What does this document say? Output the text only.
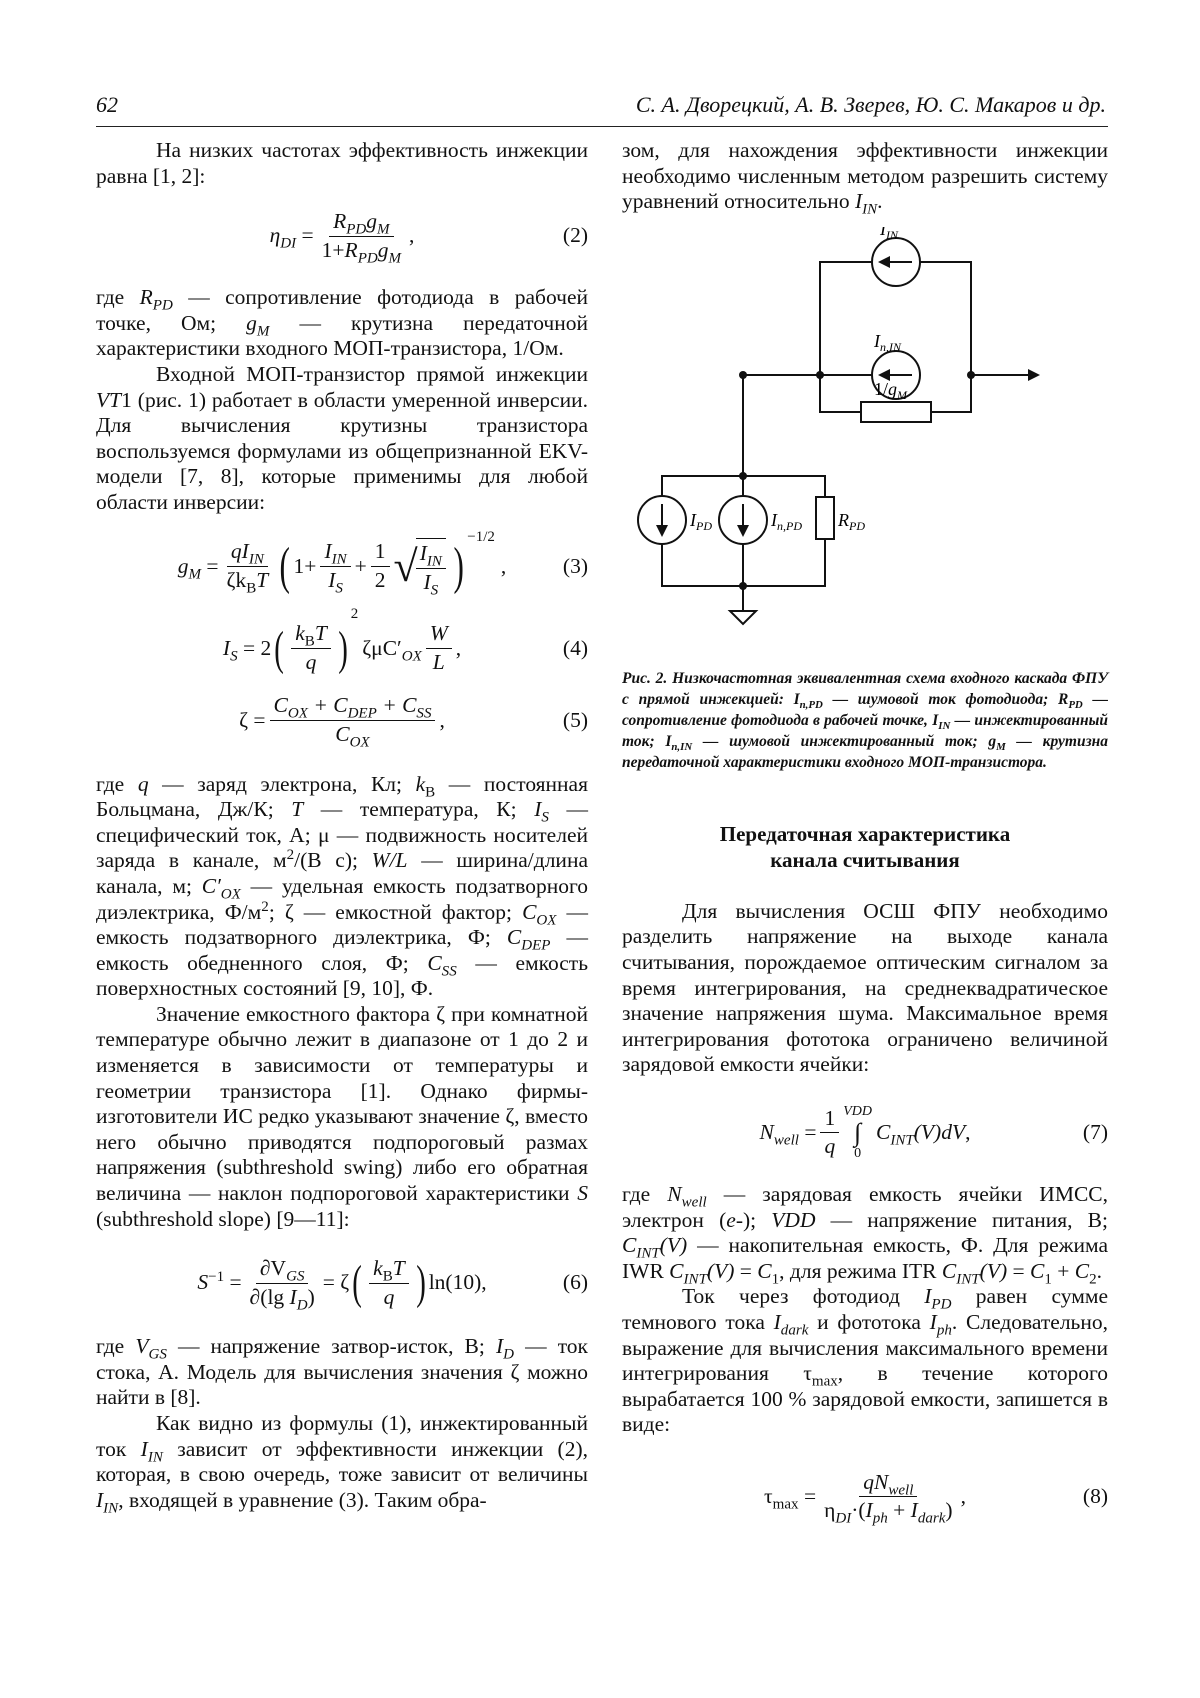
62	С. А. Дворецкий, А. В. Зверев, Ю. С. Макаров и др.

На низких частотах эффективность инжекции равна [1, 2]:

$\eta_{DI} = \frac{R_{PD}g_M}{1+R_{PD}g_M}$ ,	(2)

где $R_{PD}$ — сопротивление фотодиода в рабочей точке, Ом; $g_M$ — крутизна передаточной характеристики входного МОП-транзистора, 1/Ом.

Входной МОП-транзистор прямой инжекции VT1 (рис. 1) работает в области умеренной инверсии. Для вычисления крутизны транзистора воспользуемся формулами из общепризнанной EKV-модели [7, 8], которые применимы для любой области инверсии:

$g_M = \frac{qI_{IN}}{\zeta k_BT}$ ( $1+ \frac{I_{IN}}{I_S} + \frac{1}{2}$ √
$\frac{I_{IN}}{I_S}$ )
$^{-1/2}$
,	(3)
$I_S = 2$ ( $\frac{k_BT}{q}$ )
2
$\zeta\mu C'_{OX} \frac{W}{L}$ ,	(4)
$\zeta = \frac{C_{OX} + C_{DEP} + C_{SS}}{C_{OX}}$ ,	(5)

где q — заряд электрона, Кл; $k_B$ — постоянная Больцмана, Дж/К; T — температура, К; $I_S$ — специфический ток, А; μ — подвижность носителей заряда в канале, $м^2/(В$ с); W/L — ширина/длина канала, м; $C'_{OX}$ — удельная емкость подзатворного диэлектрика, $Ф/м^2$; ζ — емкостной фактор; $C_{OX}$ — емкость подзатворного диэлектрика, Ф; $C_{DEP}$ — емкость обедненного слоя, Ф; $C_{SS}$ — емкость поверхностных состояний [9, 10], Ф.

Значение емкостного фактора ζ при комнатной температуре обычно лежит в диапазоне от 1 до 2 и изменяется в зависимости от температуры и геометрии транзистора [1]. Однако фирмы-изготовители ИС редко указывают значение ζ, вместо него обычно приводятся подпороговый размах напряжения (subthreshold swing) либо его обратная величина — наклон подпороговой характеристики S (subthreshold slope) [9—11]:

$S^{-1} = \frac{\partial V_{GS}}{\partial(\lg I_D)} = \zeta$ ( $\frac{k_BT}{q}$ ) ln(10) ,	(6)

где $V_{GS}$ — напряжение затвор-исток, В; $I_D$ — ток стока, А. Модель для вычисления значения ζ можно найти в [8].

Как видно из формулы (1), инжектированный ток $I_{IN}$ зависит от эффективности инжекции (2), которая, в свою очередь, тоже зависит от величины $I_{IN}$, входящей в уравнение (3). Таким обра-

зом, для нахождения эффективности инжекции необходимо численным методом разрешить систему уравнений относительно $I_{IN}$.

$I_{IN}$
$I_{n,IN}$
$1/g_M$
$I_{PD}$	$I_{n,PD}$ $R_{PD}$

Рис. 2. Низкочастотная эквивалентная схема входного каскада ФПУ с прямой инжекцией: $I_{n,PD}$ — шумовой ток фотодиода; $R_{PD}$ — сопротивление фотодиода в рабочей точке, $I_{IN}$ — инжектированный ток; $I_{n,IN}$ — шумовой инжектированный ток; $g_M$ — крутизна передаточной характеристики входного МОП-транзистора.

Передаточная характеристика
канала считывания

Для вычисления ОСШ ФПУ необходимо разделить напряжение на выходе канала считывания, порождаемое оптическим сигналом за время интегрирования, на среднеквадратическое значение напряжения шума. Максимальное время интегрирования фототока ограничено величиной зарядовой емкости ячейки:

$N_{well} = \frac{1}{q}$ VDD
∫
0
$C_{INT}(V)dV$ ,	(7)

где $N_{well}$ — зарядовая емкость ячейки ИМСС, электрон (e-); VDD — напряжение питания, В; $C_{INT}(V)$ — накопительная емкость, Ф. Для режима IWR $C_{INT}(V) = C_1$, для режима ITR $C_{INT}(V) = C_1 + C_2$.

Ток через фотодиод $I_{PD}$ равен сумме темнового тока $I_{dark}$ и фототока $I_{ph}$. Следовательно, выражение для вычисления максимального времени интегрирования $\tau_{max}$, в течение которого вырабатается 100 % зарядовой емкости, запишется в виде:

$\tau_{max} = \frac{qN_{well}}{\eta_{DI}\cdot(I_{ph} + I_{dark})}$ ,	(8)
